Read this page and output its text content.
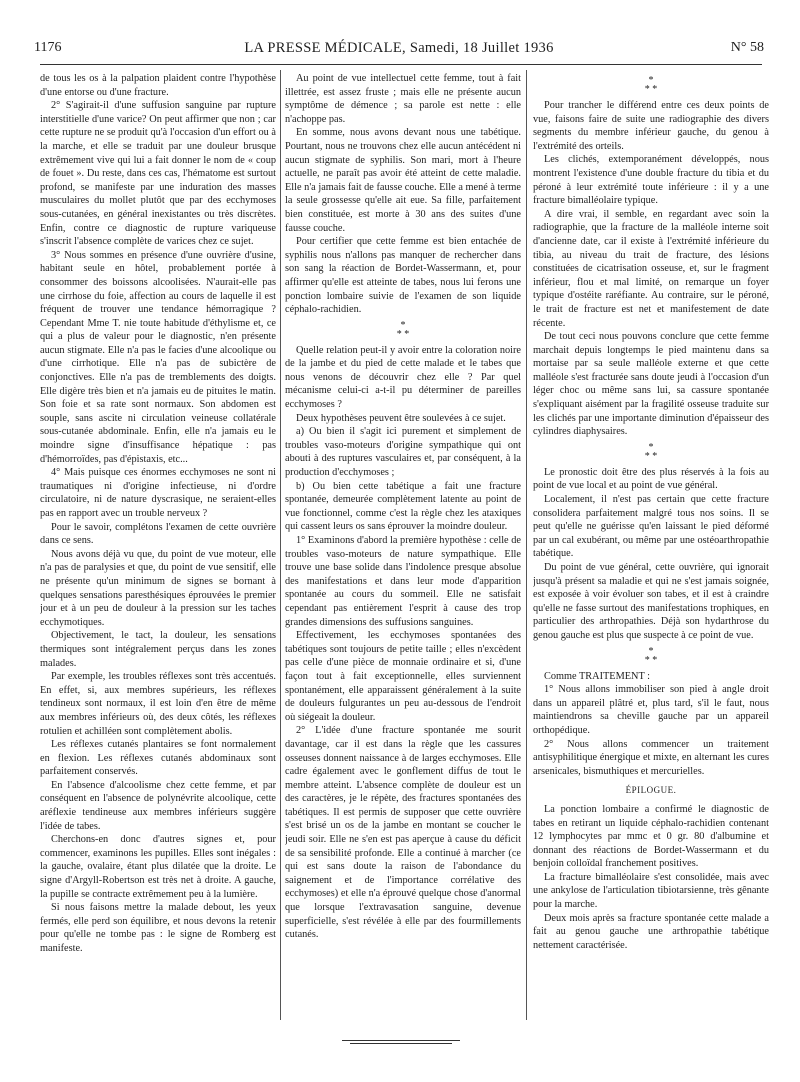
1176	LA PRESSE MÉDICALE, Samedi, 18 Juillet 1936	N° 58

de tous les os à la palpation plaident contre l'hypothèse d'une entorse ou d'une fracture.

2° S'agirait-il d'une suffusion sanguine par rupture interstitielle d'une varice? On peut affirmer que non ; car cette rupture ne se produit qu'à l'occasion d'un effort ou à la marche, et elle se traduit par une douleur brusque extrêmement vive qui lui a fait donner le nom de « coup de fouet ». Du reste, dans ces cas, l'hématome est surtout profond, se manifeste par une induration des masses musculaires du mollet plutôt que par des ecchymoses sous-cutanées, en général inexistantes ou très discrètes. Enfin, contre ce diagnostic de rupture variqueuse s'inscrit l'absence complète de varices chez ce sujet.

3° Nous sommes en présence d'une ouvrière d'usine, habitant seule en hôtel, probablement portée à consommer des boissons alcoolisées. N'aurait-elle pas une cirrhose du foie, affection au cours de laquelle il est fréquent de trouver une tendance hémorragique ? Cependant Mme T. nie toute habitude d'éthylisme et, ce qui a plus de valeur pour le diagnostic, n'en présente aucun stigmate. Elle n'a pas le facies d'une alcoolique ou d'une cirrhotique. Elle n'a pas de subictère de conjonctives. Elle n'a pas de tremblements des doigts. Elle digère très bien et n'a jamais eu de pituites le matin. Son foie et sa rate sont normaux. Son abdomen est souple, sans ascite ni circulation veineuse collatérale sous-cutanée abdominale. Enfin, elle n'a jamais eu le moindre signe d'insuffisance hépatique : pas d'hémorroïdes, pas d'épistaxis, etc...

4° Mais puisque ces énormes ecchymoses ne sont ni traumatiques ni d'origine infectieuse, ni d'ordre circulatoire, ni de nature dyscrasique, ne seraient-elles pas en rapport avec un trouble nerveux ?

Pour le savoir, complétons l'examen de cette ouvrière dans ce sens.

Nous avons déjà vu que, du point de vue moteur, elle n'a pas de paralysies et que, du point de vue sensitif, elle ne présente qu'un minimum de signes se bornant à quelques sensations paresthésiques éprouvées le premier jour et à un peu de douleur à la pression sur les taches ecchymotiques.

Objectivement, le tact, la douleur, les sensations thermiques sont intégralement perçus dans les zones malades.

Par exemple, les troubles réflexes sont très accentués. En effet, si, aux membres supérieurs, les réflexes tendineux sont normaux, il est loin d'en être de même aux membres inférieurs où, des deux côtés, les réflexes rotulien et achilléen sont complètement abolis.

Les réflexes cutanés plantaires se font normalement en flexion. Les réflexes cutanés abdominaux sont parfaitement conservés.

En l'absence d'alcoolisme chez cette femme, et par conséquent en l'absence de polynévrite alcoolique, cette aréflexie tendineuse aux membres inférieurs suggère l'idée de tabes.

Cherchons-en donc d'autres signes et, pour commencer, examinons les pupilles. Elles sont inégales : la gauche, ovalaire, étant plus dilatée que la droite. Le signe d'Argyll-Robertson est très net à droite. A gauche, la pupille se contracte extrêmement peu à la lumière.

Si nous faisons mettre la malade debout, les yeux fermés, elle perd son équilibre, et nous devons la retenir pour qu'elle ne tombe pas : le signe de Romberg est manifeste.

Au point de vue intellectuel cette femme, tout à fait illettrée, est assez fruste ; mais elle ne présente aucun symptôme de démence ; sa parole est nette : elle n'achoppe pas.

En somme, nous avons devant nous une tabétique. Pourtant, nous ne trouvons chez elle aucun antécédent ni aucun stigmate de syphilis. Son mari, mort à l'heure actuelle, ne paraît pas avoir été atteint de cette maladie. Elle n'a jamais fait de fausse couche. Elle a mené à terme la seule grossesse qu'elle ait eue. Sa fille, parfaitement bien constituée, est morte à 30 ans des suites d'une fausse couche.

Pour certifier que cette femme est bien entachée de syphilis nous n'allons pas manquer de rechercher dans son sang la réaction de Bordet-Wassermann, et, pour affirmer qu'elle est atteinte de tabes, nous lui ferons une ponction lombaire suivie de l'examen de son liquide céphalo-rachidien.

*
* *

Quelle relation peut-il y avoir entre la coloration noire de la jambe et du pied de cette malade et le tabes que nous venons de découvrir chez elle ? Par quel mécanisme celui-ci a-t-il pu déterminer de pareilles ecchymoses ?

Deux hypothèses peuvent être soulevées à ce sujet.

a) Ou bien il s'agit ici purement et simplement de troubles vaso-moteurs d'origine sympathique qui ont abouti à des ruptures vasculaires et, par conséquent, à la production d'ecchymoses ;

b) Ou bien cette tabétique a fait une fracture spontanée, demeurée complètement latente au point de vue fonctionnel, comme c'est la règle chez les ataxiques qui cassent leurs os sans éprouver la moindre douleur.

1° Examinons d'abord la première hypothèse : celle de troubles vaso-moteurs de nature sympathique. Elle trouve une base solide dans l'indolence presque absolue des manifestations et dans leur mode d'apparition spontanée au cours du sommeil. Elle ne satisfait cependant pas entièrement l'esprit à cause des trop grandes dimensions des suffusions sanguines.

Effectivement, les ecchymoses spontanées des tabétiques sont toujours de petite taille ; elles n'excèdent pas celle d'une pièce de monnaie ordinaire et si, d'une façon tout à fait exceptionnelle, elles surviennent spontanément, elle apparaissent généralement à la suite de douleurs fulgurantes un peu au-dessous de l'endroit où siégeait la douleur.

2° L'idée d'une fracture spontanée me sourit davantage, car il est dans la règle que les cassures osseuses donnent naissance à de larges ecchymoses. Elle cadre également avec le gonflement diffus de tout le membre atteint. L'absence complète de douleur est un des caractères, je le répète, des fractures spontanées des tabétiques. Il est permis de supposer que cette ouvrière s'est brisé un os de la jambe en montant se coucher le jeudi soir. Elle ne s'en est pas aperçue à cause du déficit de sa sensibilité profonde. Elle a continué à marcher (ce qui est sans doute la raison de l'abondance du saignement et de l'importance corrélative des ecchymoses) et elle n'a éprouvé quelque chose d'anormal que lorsque l'extravasation sanguine, devenue superficielle, s'est révélée à elle par des fourmillements cutanés.

*
* *

Pour trancher le différend entre ces deux points de vue, faisons faire de suite une radiographie des divers segments du membre inférieur gauche, du genou à l'extrémité des orteils.

Les clichés, extemporanément développés, nous montrent l'existence d'une double fracture du tibia et du péroné à leur extrémité toute inférieure : il y a une fracture bimalléolaire typique.

A dire vrai, il semble, en regardant avec soin la radiographie, que la fracture de la malléole interne soit d'ancienne date, car il existe à l'extrémité inférieure du tibia, au niveau du trait de fracture, des lésions constituées de cicatrisation osseuse, et, sur le fragment inférieur, flou et mal limité, on remarque un foyer typique d'ostéite raréfiante. Au contraire, sur le péroné, le trait de fracture est net et manifestement de date récente.

De tout ceci nous pouvons conclure que cette femme marchait depuis longtemps le pied maintenu dans sa mortaise par sa seule malléole externe et que cette malléole s'est fracturée sans doute jeudi à l'occasion d'un léger choc ou même sans lui, sa cassure spontanée s'expliquant aisément par la fragilité osseuse traduite sur les clichés par une importante diminution d'épaisseur des cylindres diaphysaires.

*
* *

Le pronostic doit être des plus réservés à la fois au point de vue local et au point de vue général.

Localement, il n'est pas certain que cette fracture consolidera parfaitement malgré tous nos soins. Il se peut qu'elle ne guérisse qu'en laissant le pied déformé par un cal exubérant, ou même par une ostéoarthropathie tabétique.

Du point de vue général, cette ouvrière, qui ignorait jusqu'à présent sa maladie et qui ne s'est jamais soignée, est exposée à voir évoluer son tabes, et il est à craindre qu'elle ne fasse surtout des manifestations trophiques, en particulier des arthropathies. Déjà son hydarthrose du genou gauche est plus que suspecte à ce point de vue.

*
* *

Comme TRAITEMENT :

1° Nous allons immobiliser son pied à angle droit dans un appareil plâtré et, plus tard, s'il le faut, nous maintiendrons sa cheville gauche par un appareil orthopédique.

2° Nous allons commencer un traitement antisyphilitique énergique et mixte, en alternant les cures arsenicales, bismuthiques et mercurielles.

ÉPILOGUE.

La ponction lombaire a confirmé le diagnostic de tabes en retirant un liquide céphalo-rachidien contenant 12 lymphocytes par mmc et 0 gr. 80 d'albumine et donnant des réactions de Bordet-Wassermann et du benjoin colloïdal franchement positives.

La fracture bimalléolaire s'est consolidée, mais avec une ankylose de l'articulation tibiotarsienne, très gênante pour la marche.

Deux mois après sa fracture spontanée cette malade a fait au genou gauche une arthropathie tabétique nettement caractérisée.
